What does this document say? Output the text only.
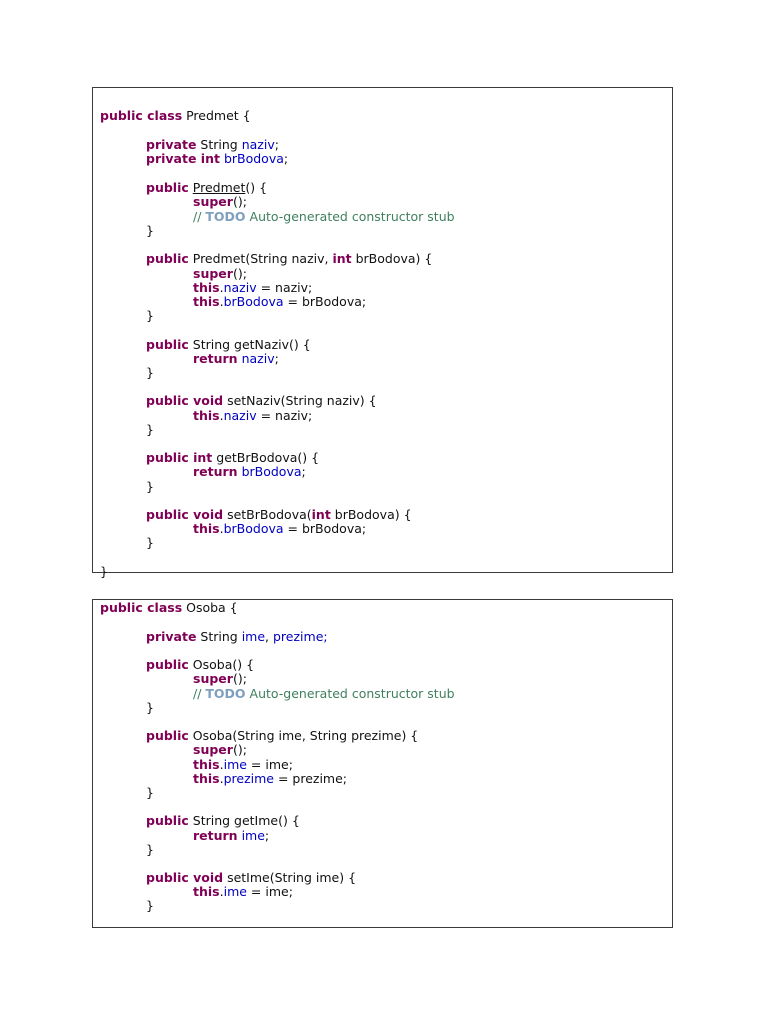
public class Predmet {
private String naziv;
private int brBodova;
public Predmet() {
super();
// TODO Auto-generated constructor stub
}
public Predmet(String naziv, int brBodova) {
super();
this.naziv = naziv;
this.brBodova = brBodova;
}
public String getNaziv() {
return naziv;
}
public void setNaziv(String naziv) {
this.naziv = naziv;
}
public int getBrBodova() {
return brBodova;
}
public void setBrBodova(int brBodova) {
this.brBodova = brBodova;
}
}
public class Osoba {
private String ime, prezime;
public Osoba() {
super();
// TODO Auto-generated constructor stub
}
public Osoba(String ime, String prezime) {
super();
this.ime = ime;
this.prezime = prezime;
}
public String getIme() {
return ime;
}
public void setIme(String ime) {
this.ime = ime;
}
